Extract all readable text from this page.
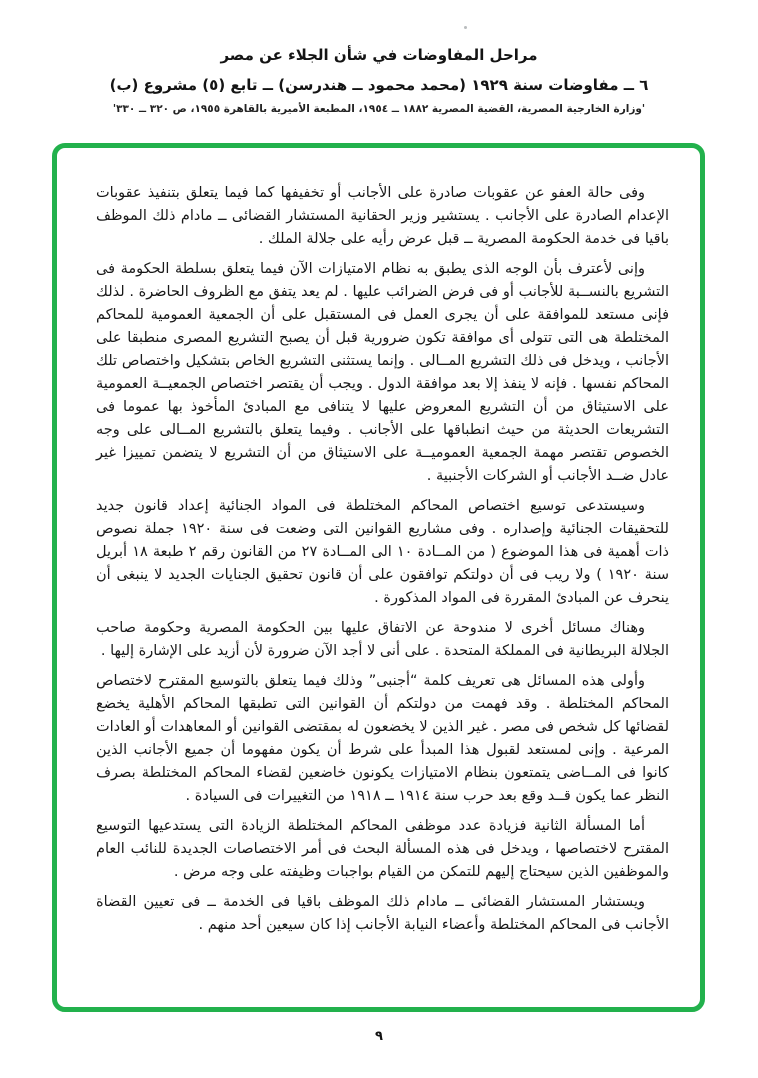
مراحل المفاوضات في شأن الجلاء عن مصر
٦ ــ مفاوضات سنة ١٩٢٩ (محمد محمود ــ هندرسن) ــ تابع (٥) مشروع (ب)
'وزارة الخارجية المصرية، القضية المصرية ١٨٨٢ ــ ١٩٥٤، المطبعة الأميرية بالقاهرة ١٩٥٥، ص ٣٢٠ ــ ٣٣٠'

وفى حالة العفو عن عقوبات صادرة على الأجانب أو تخفيفها كما فيما يتعلق بتنفيذ عقوبات الإعدام الصادرة على الأجانب . يستشير وزير الحقانية المستشار القضائى ــ مادام ذلك الموظف باقيا فى خدمة الحكومة المصرية ــ قبل عرض رأيه على جلالة الملك .

وإنى لأعترف بأن الوجه الذى يطبق به نظام الامتيازات الآن فيما يتعلق بسلطة الحكومة فى التشريع بالنســبة للأجانب أو فى فرض الضرائب عليها . لم يعد يتفق مع الظروف الحاضرة . لذلك فإنى مستعد للموافقة على أن يجرى العمل فى المستقبل على أن الجمعية العمومية للمحاكم المختلطة هى التى تتولى أى موافقة تكون ضرورية قبل أن يصبح التشريع المصرى منطبقا على الأجانب ، ويدخل فى ذلك التشريع المــالى . وإنما يستثنى التشريع الخاص بتشكيل واختصاص تلك المحاكم نفسها . فإنه لا ينفذ إلا بعد موافقة الدول . ويجب أن يقتصر اختصاص الجمعيــة العمومية على الاستيثاق من أن التشريع المعروض عليها لا يتنافى مع المبادئ المأخوذ بها عموما فى التشريعات الحديثة من حيث انطباقها على الأجانب . وفيما يتعلق بالتشريع المــالى على وجه الخصوص تقتصر مهمة الجمعية العموميــة على الاستيثاق من أن التشريع لا يتضمن تمييزا غير عادل ضــد الأجانب أو الشركات الأجنبية .

وسيستدعى توسيع اختصاص المحاكم المختلطة فى المواد الجنائية إعداد قانون جديد للتحقيقات الجنائية وإصداره . وفى مشاريع القوانين التى وضعت فى سنة ١٩٢٠ جملة نصوص ذات أهمية فى هذا الموضوع ( من المــادة ١٠ الى المــادة ٢٧ من القانون رقم ٢ طبعة ١٨ أبريل سنة ١٩٢٠ ) ولا ريب فى أن دولتكم توافقون على أن قانون تحقيق الجنايات الجديد لا ينبغى أن ينحرف عن المبادئ المقررة فى المواد المذكورة .

وهناك مسائل أخرى لا مندوحة عن الاتفاق عليها بين الحكومة المصرية وحكومة صاحب الجلالة البريطانية فى المملكة المتحدة . على أنى لا أجد الآن ضرورة لأن أزيد على الإشارة إليها .

وأولى هذه المسائل هى تعريف كلمة “أجنبى” وذلك فيما يتعلق بالتوسيع المقترح لاختصاص المحاكم المختلطة . وقد فهمت من دولتكم أن القوانين التى تطبقها المحاكم الأهلية يخضع لقضائها كل شخص فى مصر . غير الذين لا يخضعون له بمقتضى القوانين أو المعاهدات أو العادات المرعية . وإنى لمستعد لقبول هذا المبدأ على شرط أن يكون مفهوما أن جميع الأجانب الذين كانوا فى المــاضى يتمتعون بنظام الامتيازات يكونون خاضعين لقضاء المحاكم المختلطة بصرف النظر عما يكون قــد وقع بعد حرب سنة ١٩١٤ ــ ١٩١٨ من التغييرات فى السيادة .

أما المسألة الثانية فزيادة عدد موظفى المحاكم المختلطة الزيادة التى يستدعيها التوسيع المقترح لاختصاصها ، ويدخل فى هذه المسألة البحث فى أمر الاختصاصات الجديدة للنائب العام والموظفين الذين سيحتاج إليهم للتمكن من القيام بواجبات وظيفته على وجه مرض .

ويستشار المستشار القضائى ــ مادام ذلك الموظف باقيا فى الخدمة ــ فى تعيين القضاة الأجانب فى المحاكم المختلطة وأعضاء النيابة الأجانب إذا كان سيعين أحد منهم .

٩
